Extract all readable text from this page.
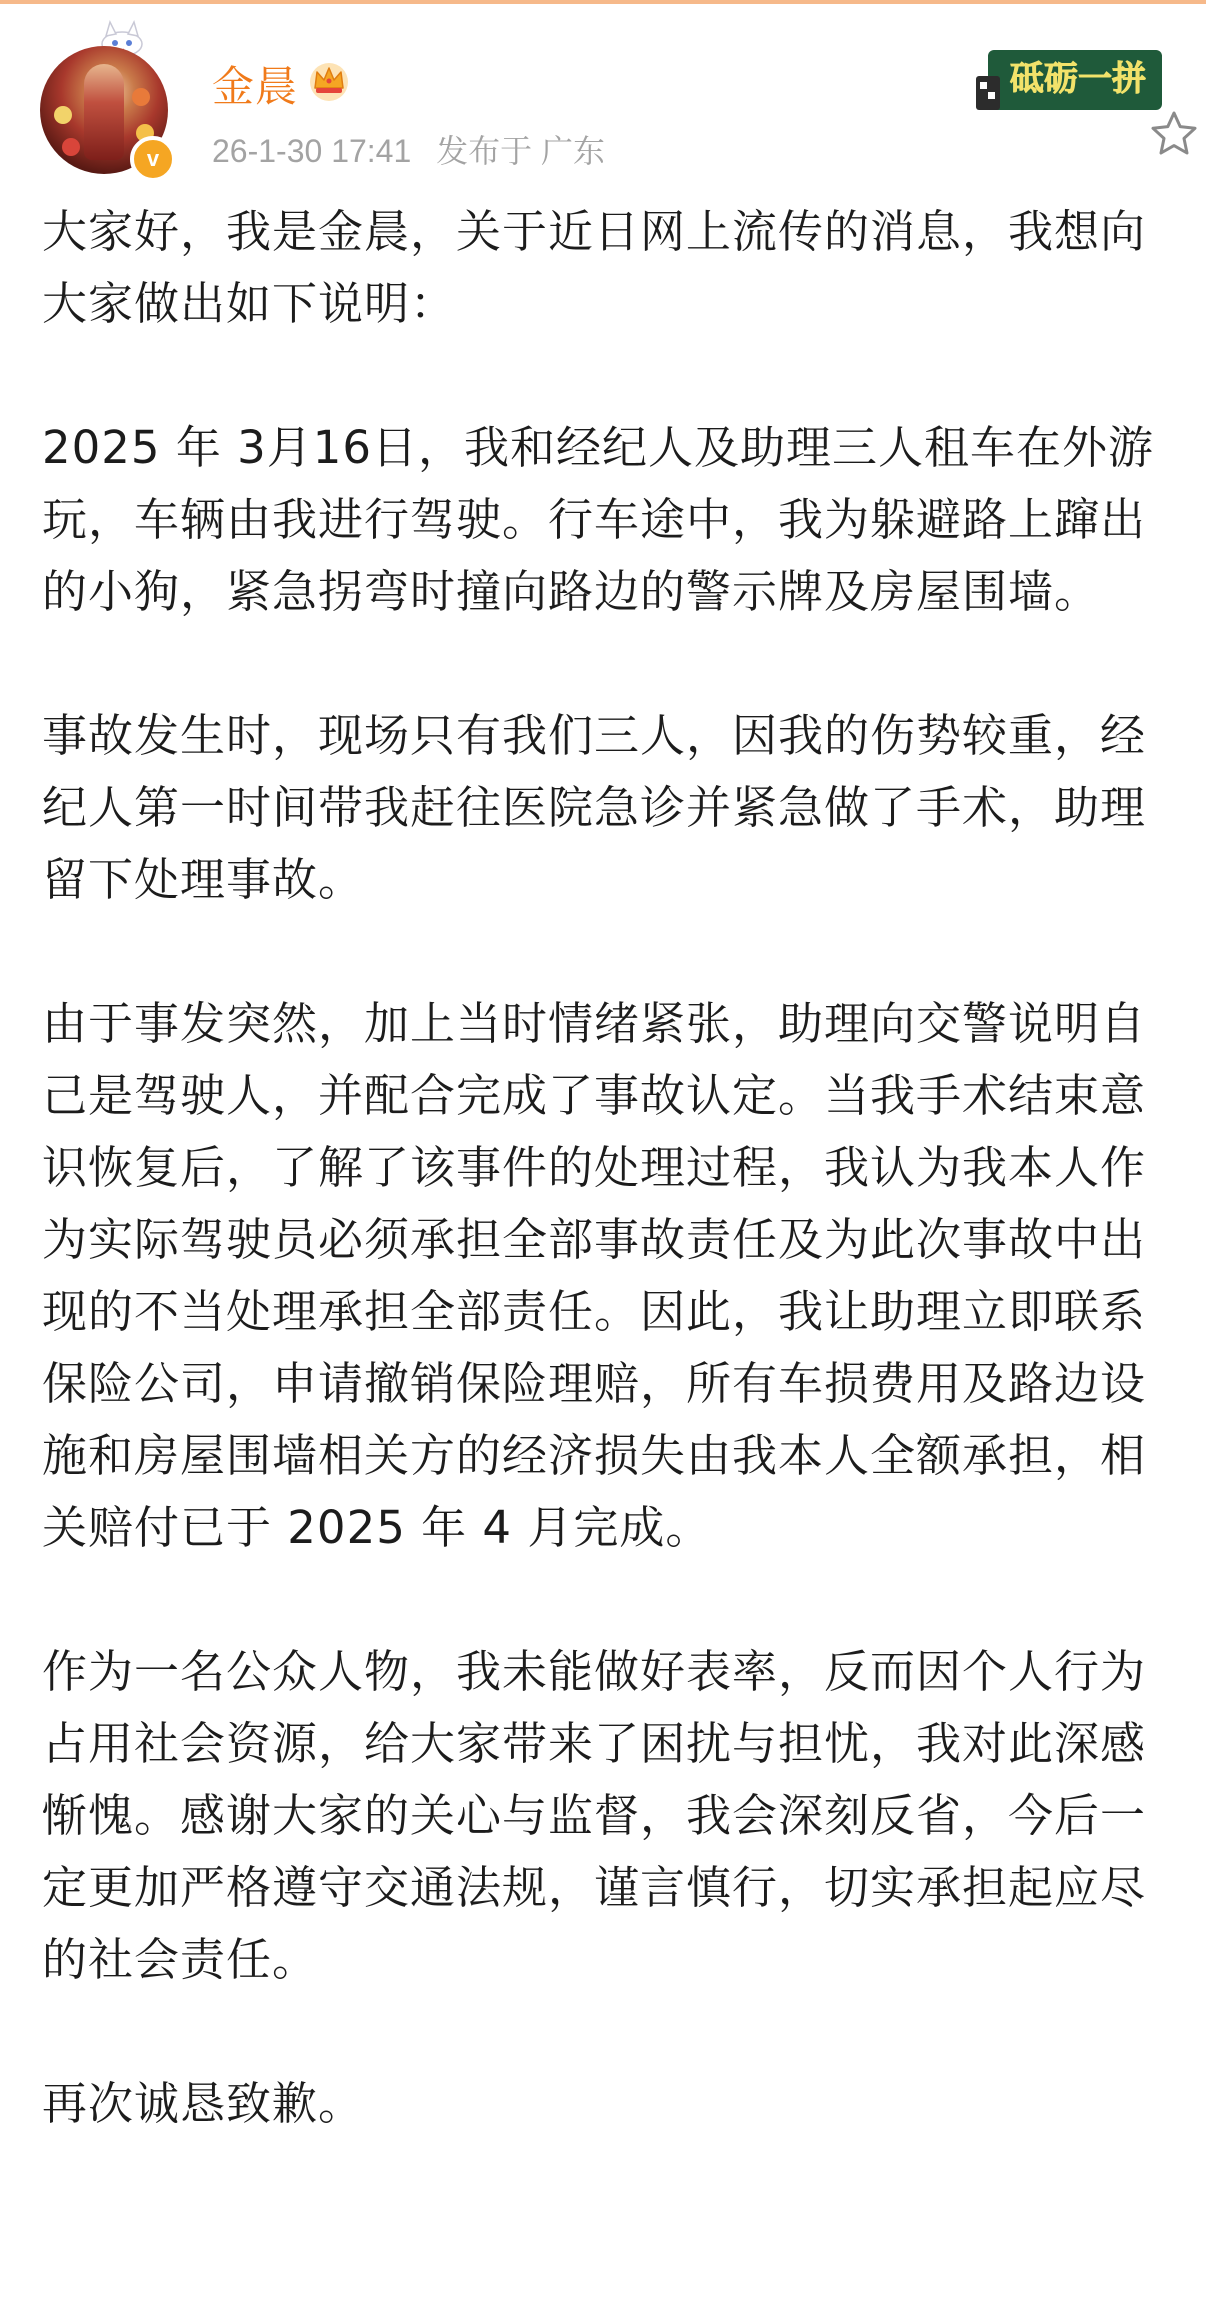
v
金晨
26-1-30 17:41 发布于 广东
砥砺一拼

大家好，我是金晨，关于近日网上流传的消息，我想向大家做出如下说明：

2025 年 3月16日，我和经纪人及助理三人租车在外游玩，车辆由我进行驾驶。行车途中，我为躲避路上蹿出的小狗，紧急拐弯时撞向路边的警示牌及房屋围墙。

事故发生时，现场只有我们三人，因我的伤势较重，经纪人第一时间带我赶往医院急诊并紧急做了手术，助理留下处理事故。

由于事发突然，加上当时情绪紧张，助理向交警说明自己是驾驶人，并配合完成了事故认定。当我手术结束意识恢复后，了解了该事件的处理过程，我认为我本人作为实际驾驶员必须承担全部事故责任及为此次事故中出现的不当处理承担全部责任。因此，我让助理立即联系保险公司，申请撤销保险理赔，所有车损费用及路边设施和房屋围墙相关方的经济损失由我本人全额承担，相关赔付已于 2025 年 4 月完成。

作为一名公众人物，我未能做好表率，反而因个人行为占用社会资源，给大家带来了困扰与担忧，我对此深感惭愧。感谢大家的关心与监督，我会深刻反省，今后一定更加严格遵守交通法规，谨言慎行，切实承担起应尽的社会责任。

再次诚恳致歉。
